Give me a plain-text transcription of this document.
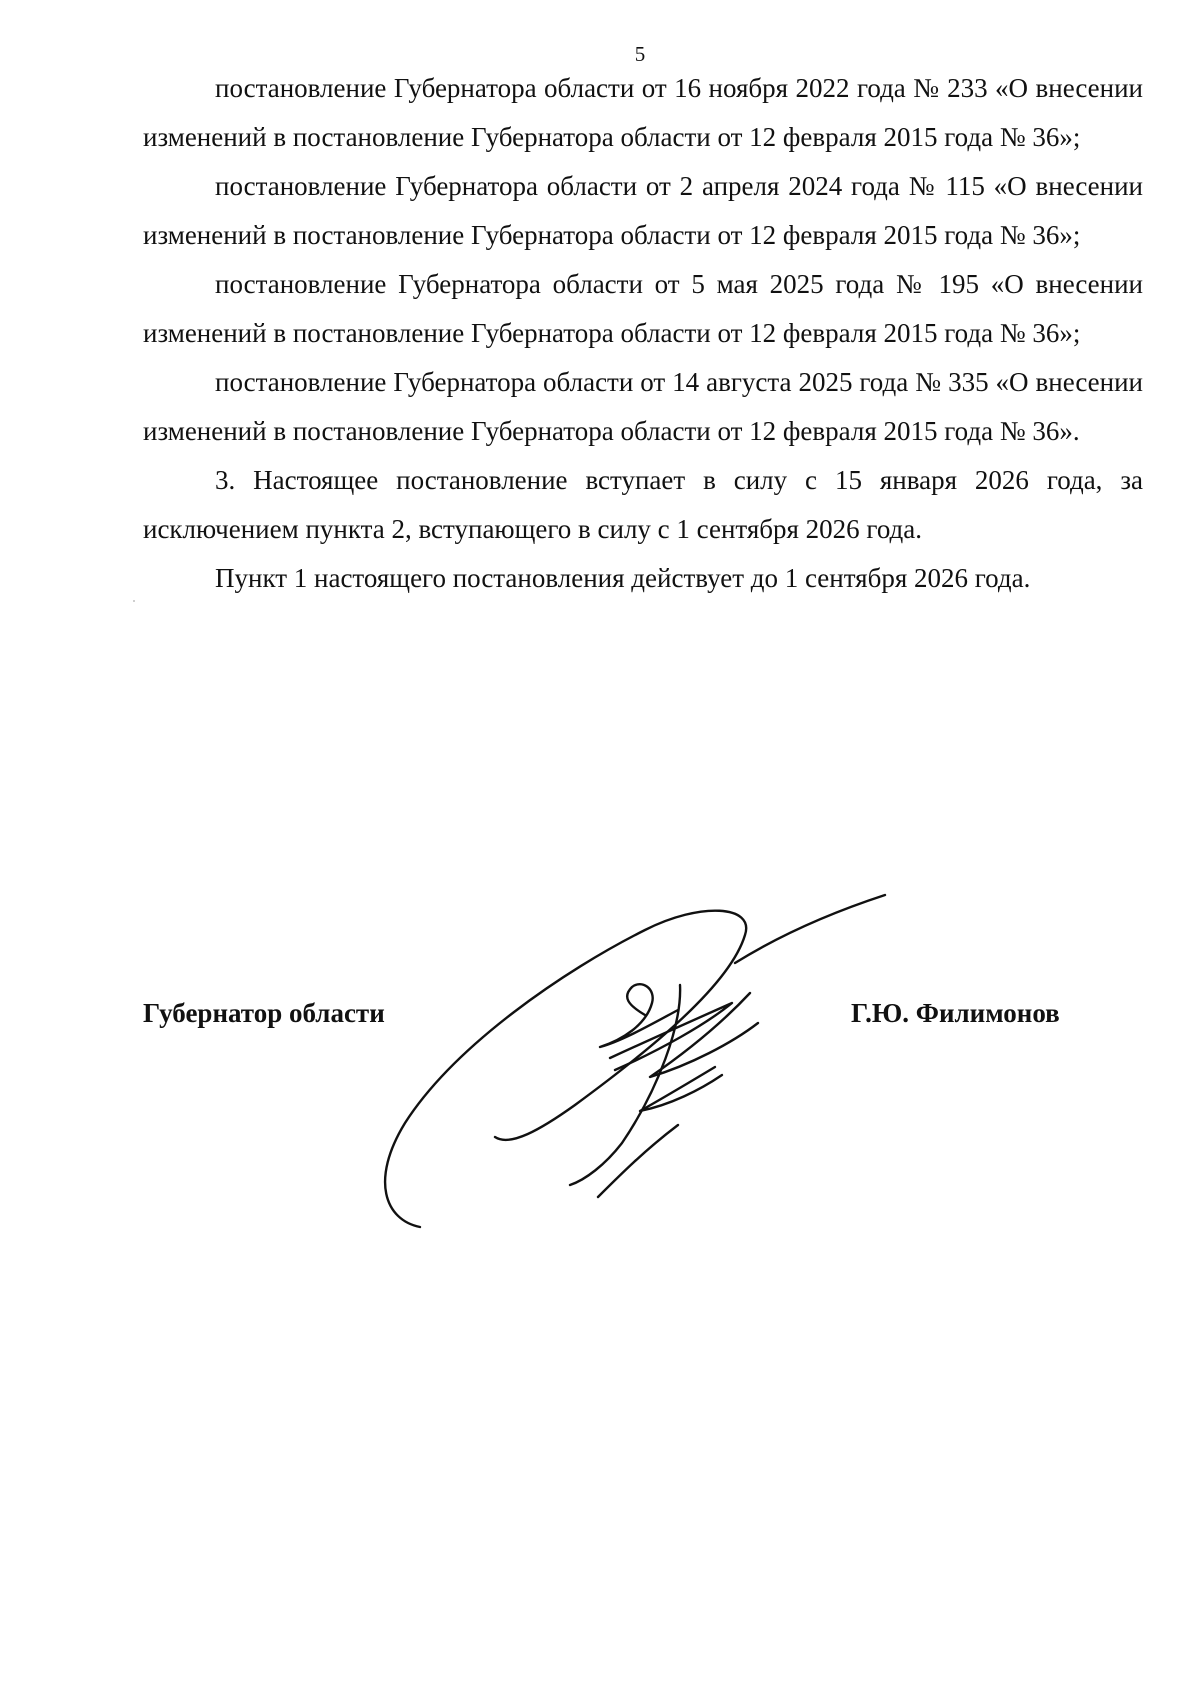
5

постановление Губернатора области от 16 ноября 2022 года № 233 «О внесении изменений в постановление Губернатора области от 12 февраля 2015 года № 36»;

постановление Губернатора области от 2 апреля 2024 года № 115 «О внесении изменений в постановление Губернатора области от 12 февраля 2015 года № 36»;

постановление Губернатора области от 5 мая 2025 года № 195 «О внесении изменений в постановление Губернатора области от 12 февраля 2015 года № 36»;

постановление Губернатора области от 14 августа 2025 года № 335 «О внесении изменений в постановление Губернатора области от 12 февраля 2015 года № 36».

3. Настоящее постановление вступает в силу с 15 января 2026 года, за исключением пункта 2, вступающего в силу с 1 сентября 2026 года.

Пункт 1 настоящего постановления действует до 1 сентября 2026 года.

Губернатор области	Г.Ю. Филимонов
